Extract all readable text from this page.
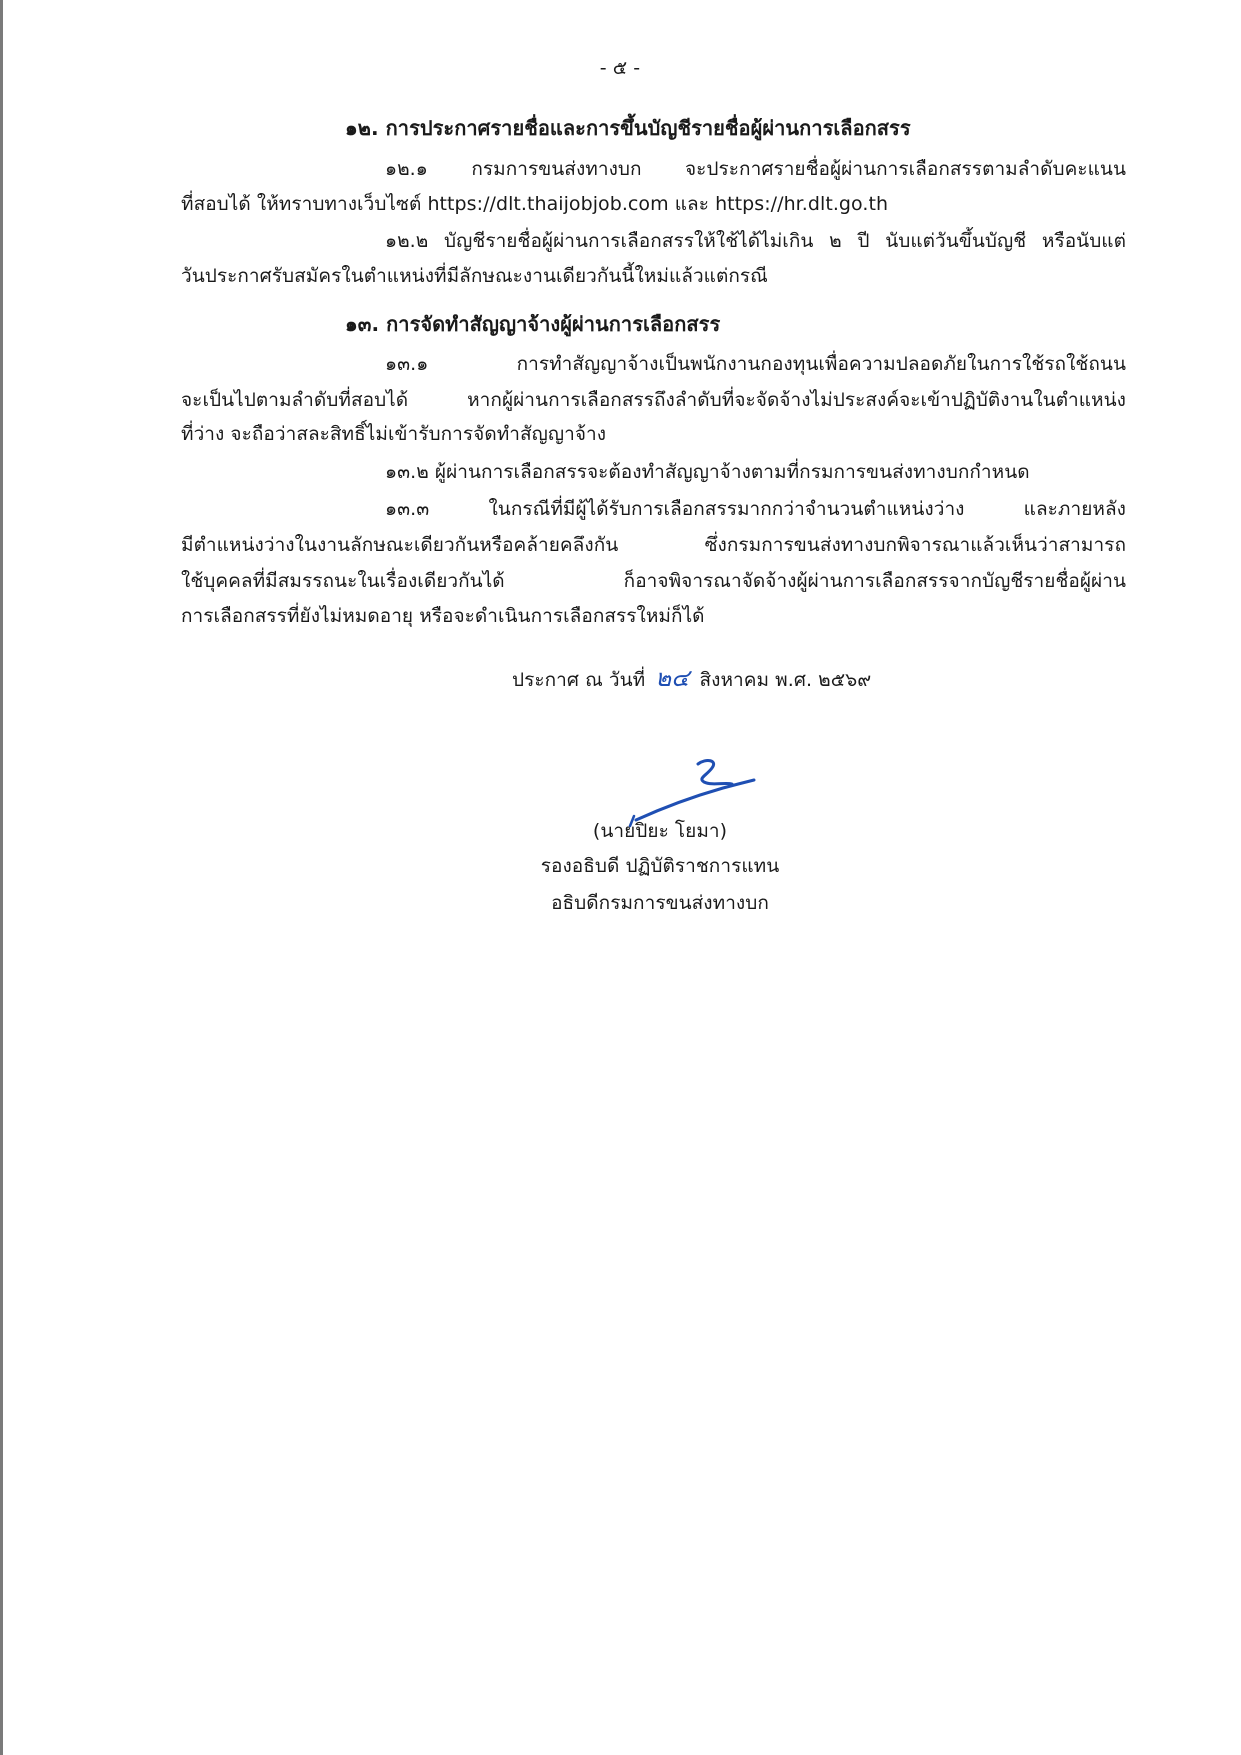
- ๕ -
๑๒. การประกาศรายชื่อและการขึ้นบัญชีรายชื่อผู้ผ่านการเลือกสรร
๑๒.๑ กรมการขนส่งทางบก จะประกาศรายชื่อผู้ผ่านการเลือกสรรตามลำดับคะแนน
ที่สอบได้ ให้ทราบทางเว็บไซต์ https://dlt.thaijobjob.com และ https://hr.dlt.go.th
๑๒.๒ บัญชีรายชื่อผู้ผ่านการเลือกสรรให้ใช้ได้ไม่เกิน ๒ ปี นับแต่วันขึ้นบัญชี หรือนับแต่
วันประกาศรับสมัครในตำแหน่งที่มีลักษณะงานเดียวกันนี้ใหม่แล้วแต่กรณี
๑๓. การจัดทำสัญญาจ้างผู้ผ่านการเลือกสรร
๑๓.๑ การทำสัญญาจ้างเป็นพนักงานกองทุนเพื่อความปลอดภัยในการใช้รถใช้ถนน
จะเป็นไปตามลำดับที่สอบได้ หากผู้ผ่านการเลือกสรรถึงลำดับที่จะจัดจ้างไม่ประสงค์จะเข้าปฏิบัติงานในตำแหน่ง
ที่ว่าง จะถือว่าสละสิทธิ์ไม่เข้ารับการจัดทำสัญญาจ้าง
๑๓.๒ ผู้ผ่านการเลือกสรรจะต้องทำสัญญาจ้างตามที่กรมการขนส่งทางบกกำหนด
๑๓.๓ ในกรณีที่มีผู้ได้รับการเลือกสรรมากกว่าจำนวนตำแหน่งว่าง และภายหลัง
มีตำแหน่งว่างในงานลักษณะเดียวกันหรือคล้ายคลึงกัน ซึ่งกรมการขนส่งทางบกพิจารณาแล้วเห็นว่าสามารถ
ใช้บุคคลที่มีสมรรถนะในเรื่องเดียวกันได้ ก็อาจพิจารณาจัดจ้างผู้ผ่านการเลือกสรรจากบัญชีรายชื่อผู้ผ่าน
การเลือกสรรที่ยังไม่หมดอายุ หรือจะดำเนินการเลือกสรรใหม่ก็ได้
ประกาศ ณ วันที่ ๒๔ สิงหาคม พ.ศ. ๒๕๖๙
(นายปิยะ โยมา)
รองอธิบดี ปฏิบัติราชการแทน
อธิบดีกรมการขนส่งทางบก
